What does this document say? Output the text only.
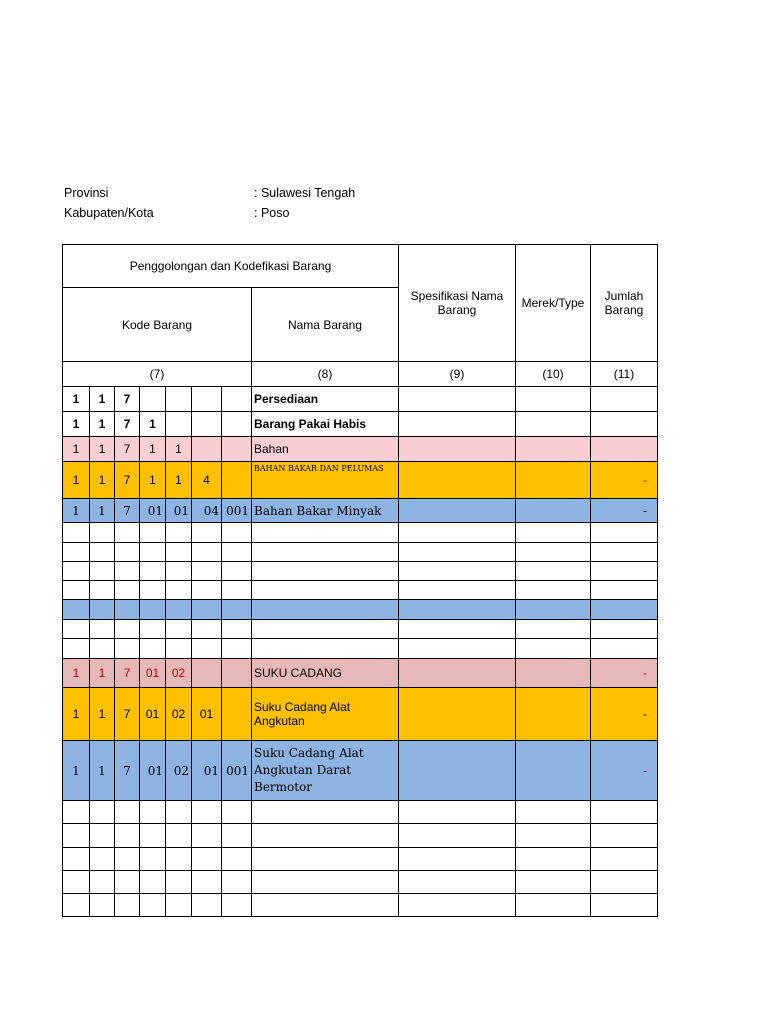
Provinsi	: Sulawesi Tengah
Kabupaten/Kota	: Poso
Penggolongan dan Kodefikasi Barang								Spesifikasi Nama Barang	Merek/Type	Jumlah Barang
Kode Barang							Nama Barang			
(7)							(8)	(9)	(10)	(11)
1	1	7					Persediaan			
1	1	7	1				Barang Pakai Habis			
1	1	7	1	1			Bahan			
1	1	7	1	1	4		BAHAN BAKAR DAN PELUMAS			-
1	1	7	01	01	04	001	Bahan Bakar Minyak			-

1	1	7	01	02			SUKU CADANG			-
1	1	7	01	02	01		Suku Cadang Alat Angkutan			-
1	1	7	01	02	01	001	Suku Cadang Alat Angkutan Darat Bermotor			-
